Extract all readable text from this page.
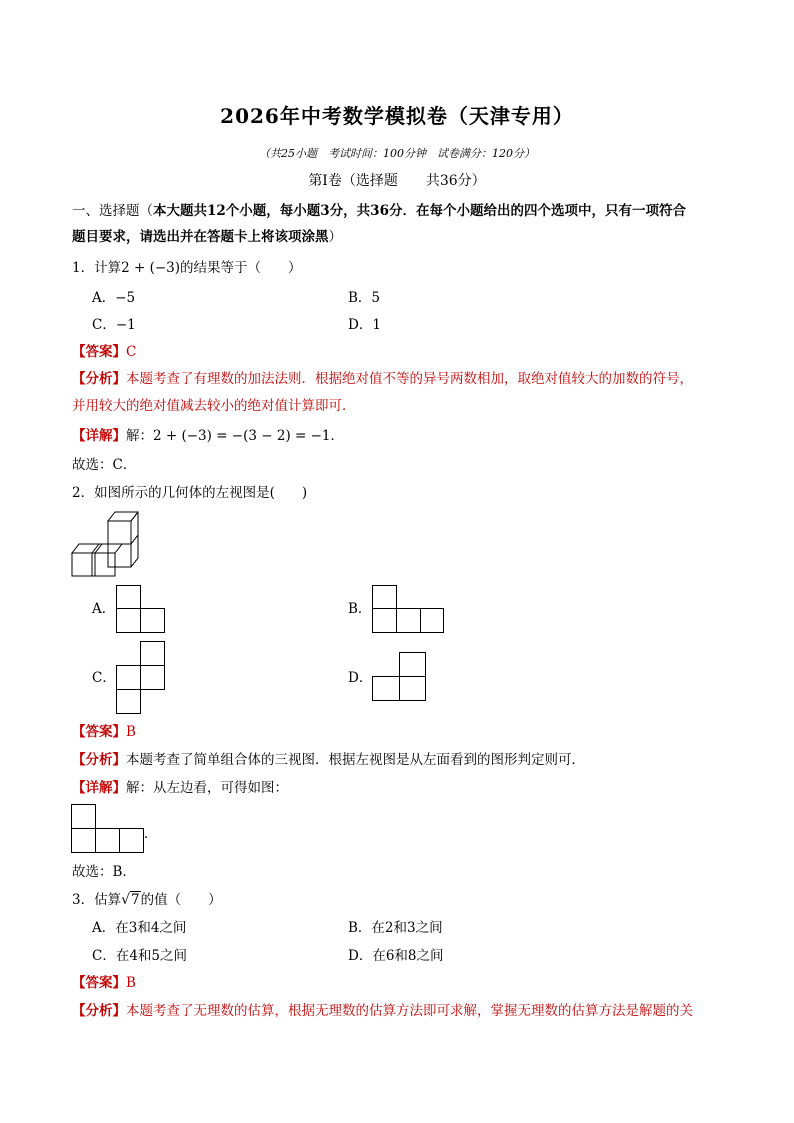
2026年中考数学模拟卷（天津专用）
（共25小题　考试时间：100分钟　试卷满分：120分）
第Ⅰ卷（选择题　　共36分）
一、选择题（本大题共12个小题，每小题3分，共36分．在每个小题给出的四个选项中，只有一项符合
题目要求，请选出并在答题卡上将该项涂黑）
1．计算2 + (−3)的结果等于（　　）
A．−5	B．5
C．−1	D．1
【答案】C
【分析】本题考查了有理数的加法法则．根据绝对值不等的异号两数相加，取绝对值较大的加数的符号，
并用较大的绝对值减去较小的绝对值计算即可．
【详解】解：2 + (−3) = −(3 − 2) = −1．
故选：C．
2．如图所示的几何体的左视图是(　　)
A．	B．
C．	D．
【答案】B
【分析】本题考查了简单组合体的三视图．根据左视图是从左面看到的图形判定则可．
【详解】解：从左边看，可得如图：
．
故选：B．
3．估算√7的值（　　）
A．在3和4之间	B．在2和3之间
C．在4和5之间	D．在6和8之间
【答案】B
【分析】本题考查了无理数的估算，根据无理数的估算方法即可求解，掌握无理数的估算方法是解题的关
